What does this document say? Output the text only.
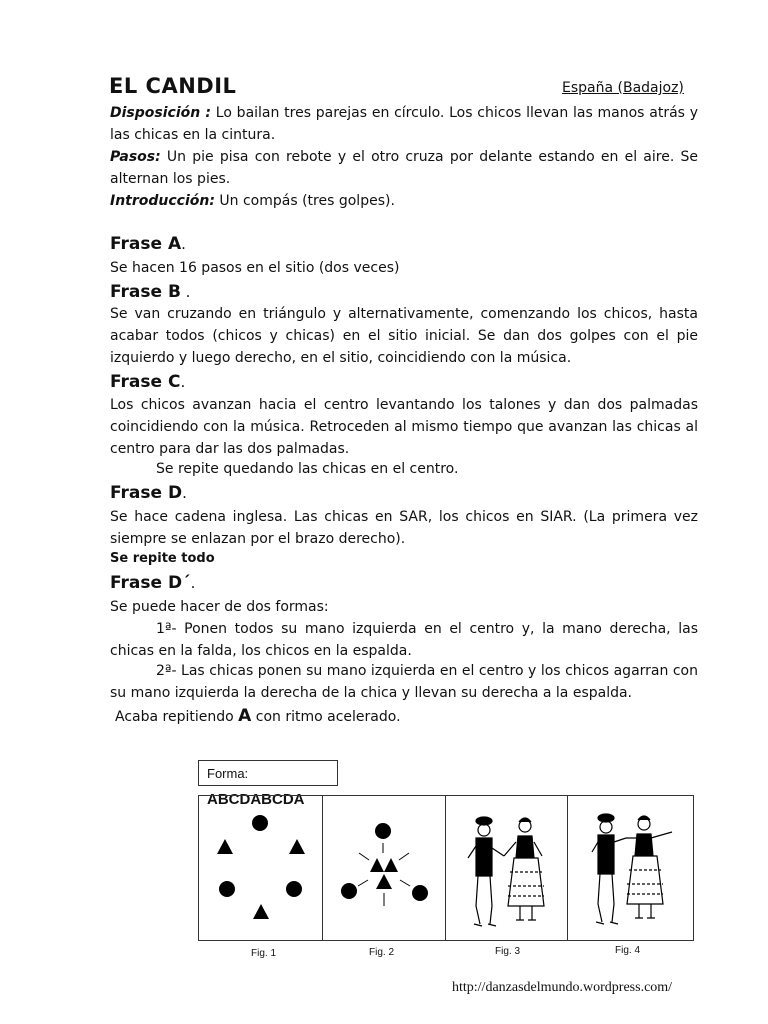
EL CANDIL	España (Badajoz)
Disposición : Lo bailan tres parejas en círculo. Los chicos llevan las manos atrás y las chicas en la cintura.
Pasos: Un pie pisa con rebote y el otro cruza por delante estando en el aire. Se alternan los pies.
Introducción: Un compás (tres golpes).
Frase A.
Se hacen 16 pasos en el sitio (dos veces)
Frase B .
Se van cruzando en triángulo y alternativamente, comenzando los chicos, hasta acabar todos (chicos y chicas) en el sitio inicial. Se dan dos golpes con el pie izquierdo y luego derecho, en el sitio, coincidiendo con la música.
Frase C.
Los chicos avanzan hacia el centro levantando los talones y dan dos palmadas coincidiendo con la música. Retroceden al mismo tiempo que avanzan las chicas al centro para dar las dos palmadas.
Se repite quedando las chicas en el centro.
Frase D.
Se hace cadena inglesa. Las chicas en SAR, los chicos en SIAR. (La primera vez siempre se enlazan por el brazo derecho).
Se repite todo
Frase D´.
Se puede hacer de dos formas:
1ª- Ponen todos su mano izquierda en el centro y, la mano derecha, las chicas en la falda, los chicos en la espalda.
2ª- Las chicas ponen su mano izquierda en el centro y los chicos agarran con su mano izquierda la derecha de la chica y llevan su derecha a la espalda.
Acaba repitiendo A con ritmo acelerado.
Forma: ABCDABCDA
Fig. 1	Fig. 2	Fig. 3	Fig. 4
http://danzasdelmundo.wordpress.com/
